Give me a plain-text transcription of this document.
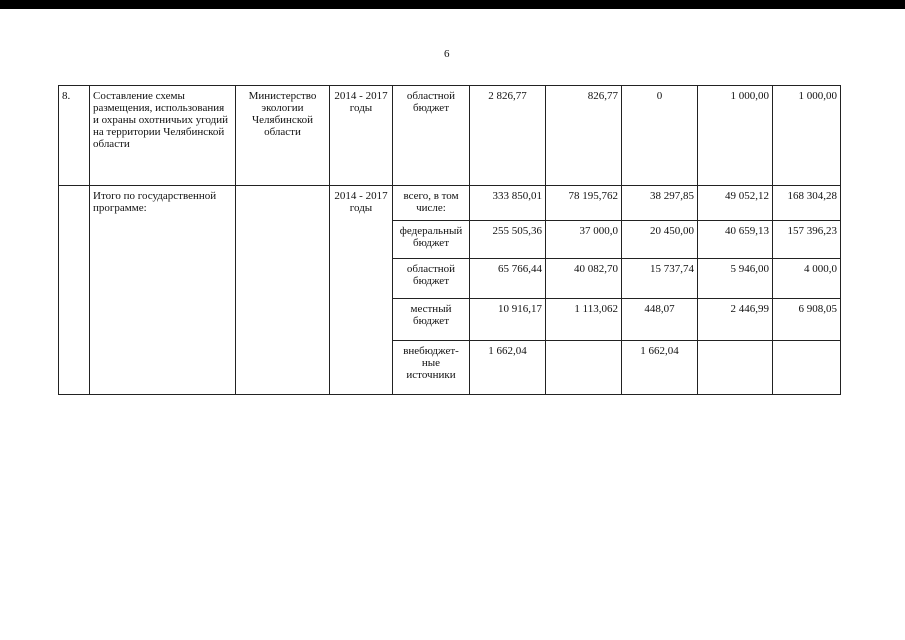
6
8.	Составление схемы размещения, использования и охраны охотничьих угодий на территории Челябинской области	Министерство экологии Челябинской области	2014 - 2017 годы	областной бюджет	2 826,77	826,77	0	1 000,00	1 000,00
	Итого по государственной программе:		2014 - 2017 годы	всего, в том числе:	333 850,01	78 195,762	38 297,85	49 052,12	168 304,28
				федеральный бюджет	255 505,36	37 000,0	20 450,00	40 659,13	157 396,23
				областной бюджет	65 766,44	40 082,70	15 737,74	5 946,00	4 000,0
				местный бюджет	10 916,17	1 113,062	448,07	2 446,99	6 908,05
				внебюджет-ные источники	1 662,04		1 662,04		
